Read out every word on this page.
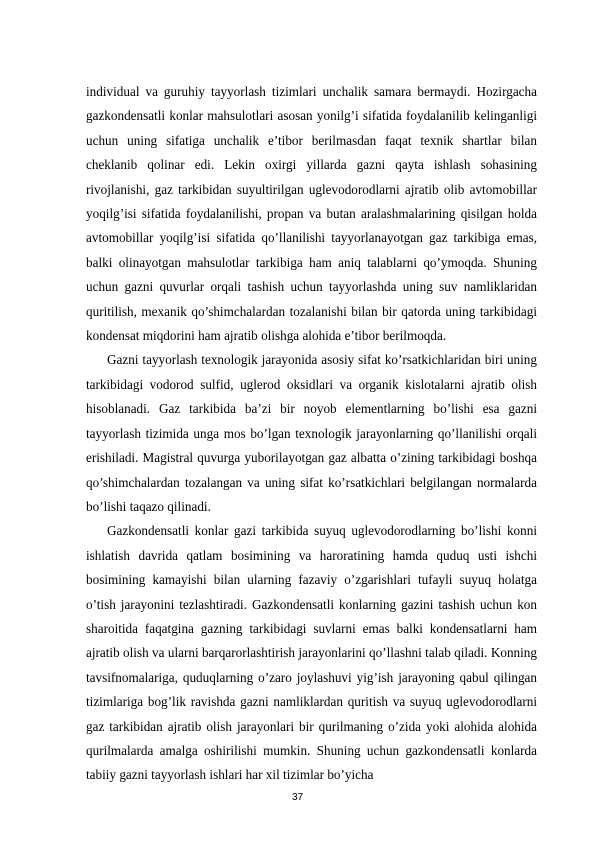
individual va guruhiy tayyorlash tizimlari unchalik samara bermaydi. Hozirgacha gazkondensatli konlar mahsulotlari asosan yonilg’i sifatida foydalanilib kelinganligi uchun uning sifatiga unchalik e’tibor berilmasdan faqat texnik shartlar bilan cheklanib qolinar edi. Lekin oxirgi yillarda gazni qayta ishlash sohasining rivojlanishi, gaz tarkibidan suyultirilgan uglevodorodlarni ajratib olib avtomobillar yoqilg’isi sifatida foydalanilishi, propan va butan aralashmalarining qisilgan holda avtomobillar yoqilg’isi sifatida qo’llanilishi tayyorlanayotgan gaz tarkibiga emas, balki olinayotgan mahsulotlar tarkibiga ham aniq talablarni qo’ymoqda. Shuning uchun gazni quvurlar orqali tashish uchun tayyorlashda uning suv namliklaridan quritilish, mexanik qo’shimchalardan tozalanishi bilan bir qatorda uning tarkibidagi kondensat miqdorini ham ajratib olishga alohida e’tibor berilmoqda.

Gazni tayyorlash texnologik jarayonida asosiy sifat ko’rsatkichlaridan biri uning tarkibidagi vodorod sulfid, uglerod oksidlari va organik kislotalarni ajratib olish hisoblanadi. Gaz tarkibida ba’zi bir noyob elementlarning bo’lishi esa gazni tayyorlash tizimida unga mos bo’lgan texnologik jarayonlarning qo’llanilishi orqali erishiladi. Magistral quvurga yuborilayotgan gaz albatta o’zining tarkibidagi boshqa qo’shimchalardan tozalangan va uning sifat ko’rsatkichlari belgilangan normalarda bo’lishi taqazo qilinadi.

Gazkondensatli konlar gazi tarkibida suyuq uglevodorodlarning bo’lishi konni ishlatish davrida qatlam bosimining va haroratining hamda quduq usti ishchi bosimining kamayishi bilan ularning fazaviy o’zgarishlari tufayli suyuq holatga o’tish jarayonini tezlashtiradi. Gazkondensatli konlarning gazini tashish uchun kon sharoitida faqatgina gazning tarkibidagi suvlarni emas balki kondensatlarni ham ajratib olish va ularni barqarorlashtirish jarayonlarini qo’llashni talab qiladi. Konning tavsifnomalariga, quduqlarning o’zaro joylashuvi yig’ish jarayoning qabul qilingan tizimlariga bog’lik ravishda gazni namliklardan quritish va suyuq uglevodorodlarni gaz tarkibidan ajratib olish jarayonlari bir qurilmaning o’zida yoki alohida alohida qurilmalarda amalga oshirilishi mumkin. Shuning uchun gazkondensatli konlarda tabiiy gazni tayyorlash ishlari har xil tizimlar bo’yicha

37
